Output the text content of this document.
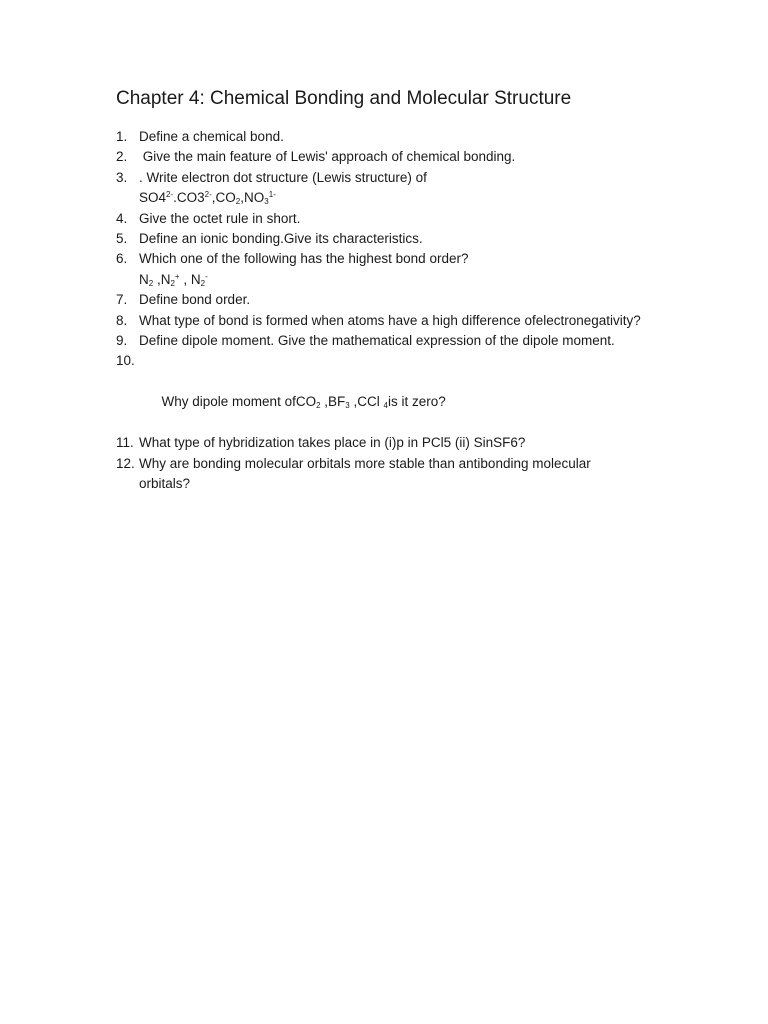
Chapter 4: Chemical Bonding and Molecular Structure
1. Define a chemical bond.
2. Give the main feature of Lewis' approach of chemical bonding.
3. . Write electron dot structure (Lewis structure) of
$SO4^{2-}.CO3^{2-},CO_2,NO_3^{1-}$
4. Give the octet rule in short.
5. Define an ionic bonding.Give its characteristics.
6. Which one of the following has the highest bond order?
$N_2$ $,N_2^+$ , $N_2^-$
7. Define bond order.
8. What type of bond is formed when atoms have a high difference ofelectronegativity?
9. Define dipole moment. Give the mathematical expression of the dipole moment.

10.

Why dipole moment ofCO$_2$ $,BF_3$ ,CCl $_4$is it zero?

11. What type of hybridization takes place in (i)p in PCl5 (ii) SinSF6?
12. Why are bonding molecular orbitals more stable than antibonding molecular
orbitals?
